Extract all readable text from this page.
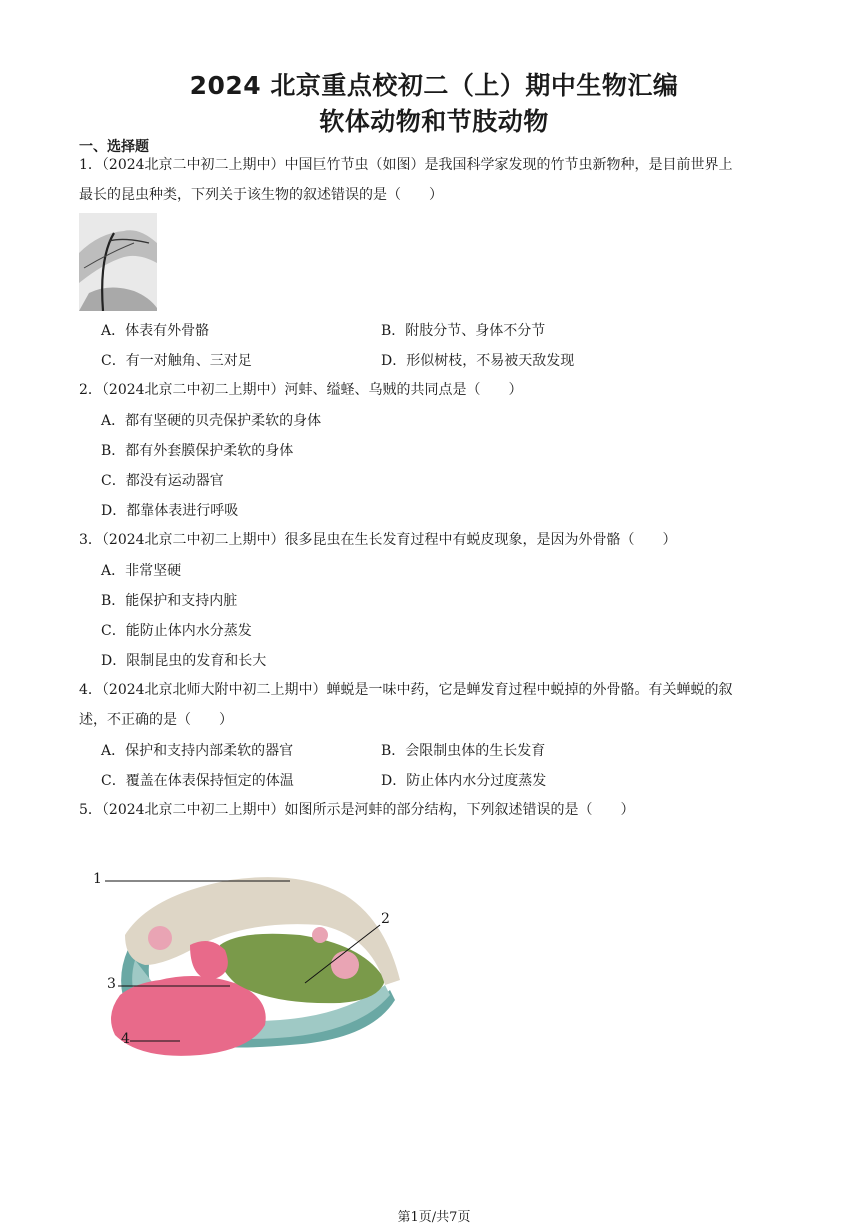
2024 北京重点校初二（上）期中生物汇编
软体动物和节肢动物
一、选择题
1．（2024北京二中初二上期中）中国巨竹节虫（如图）是我国科学家发现的竹节虫新物种，是目前世界上
最长的昆虫种类，下列关于该生物的叙述错误的是（　　）
A．体表有外骨骼	B．附肢分节、身体不分节
C．有一对触角、三对足	D．形似树枝，不易被天敌发现
2．（2024北京二中初二上期中）河蚌、缢蛏、乌贼的共同点是（　　）
A．都有坚硬的贝壳保护柔软的身体
B．都有外套膜保护柔软的身体
C．都没有运动器官
D．都靠体表进行呼吸
3．（2024北京二中初二上期中）很多昆虫在生长发育过程中有蜕皮现象，是因为外骨骼（　　）
A．非常坚硬
B．能保护和支持内脏
C．能防止体内水分蒸发
D．限制昆虫的发育和长大
4．（2024北京北师大附中初二上期中）蝉蜕是一味中药，它是蝉发育过程中蜕掉的外骨骼。有关蝉蜕的叙
述，不正确的是（　　）
A．保护和支持内部柔软的器官	B．会限制虫体的生长发育
C．覆盖在体表保持恒定的体温	D．防止体内水分过度蒸发
5．（2024北京二中初二上期中）如图所示是河蚌的部分结构，下列叙述错误的是（　　）
1
2
3
4
第1页/共7页
